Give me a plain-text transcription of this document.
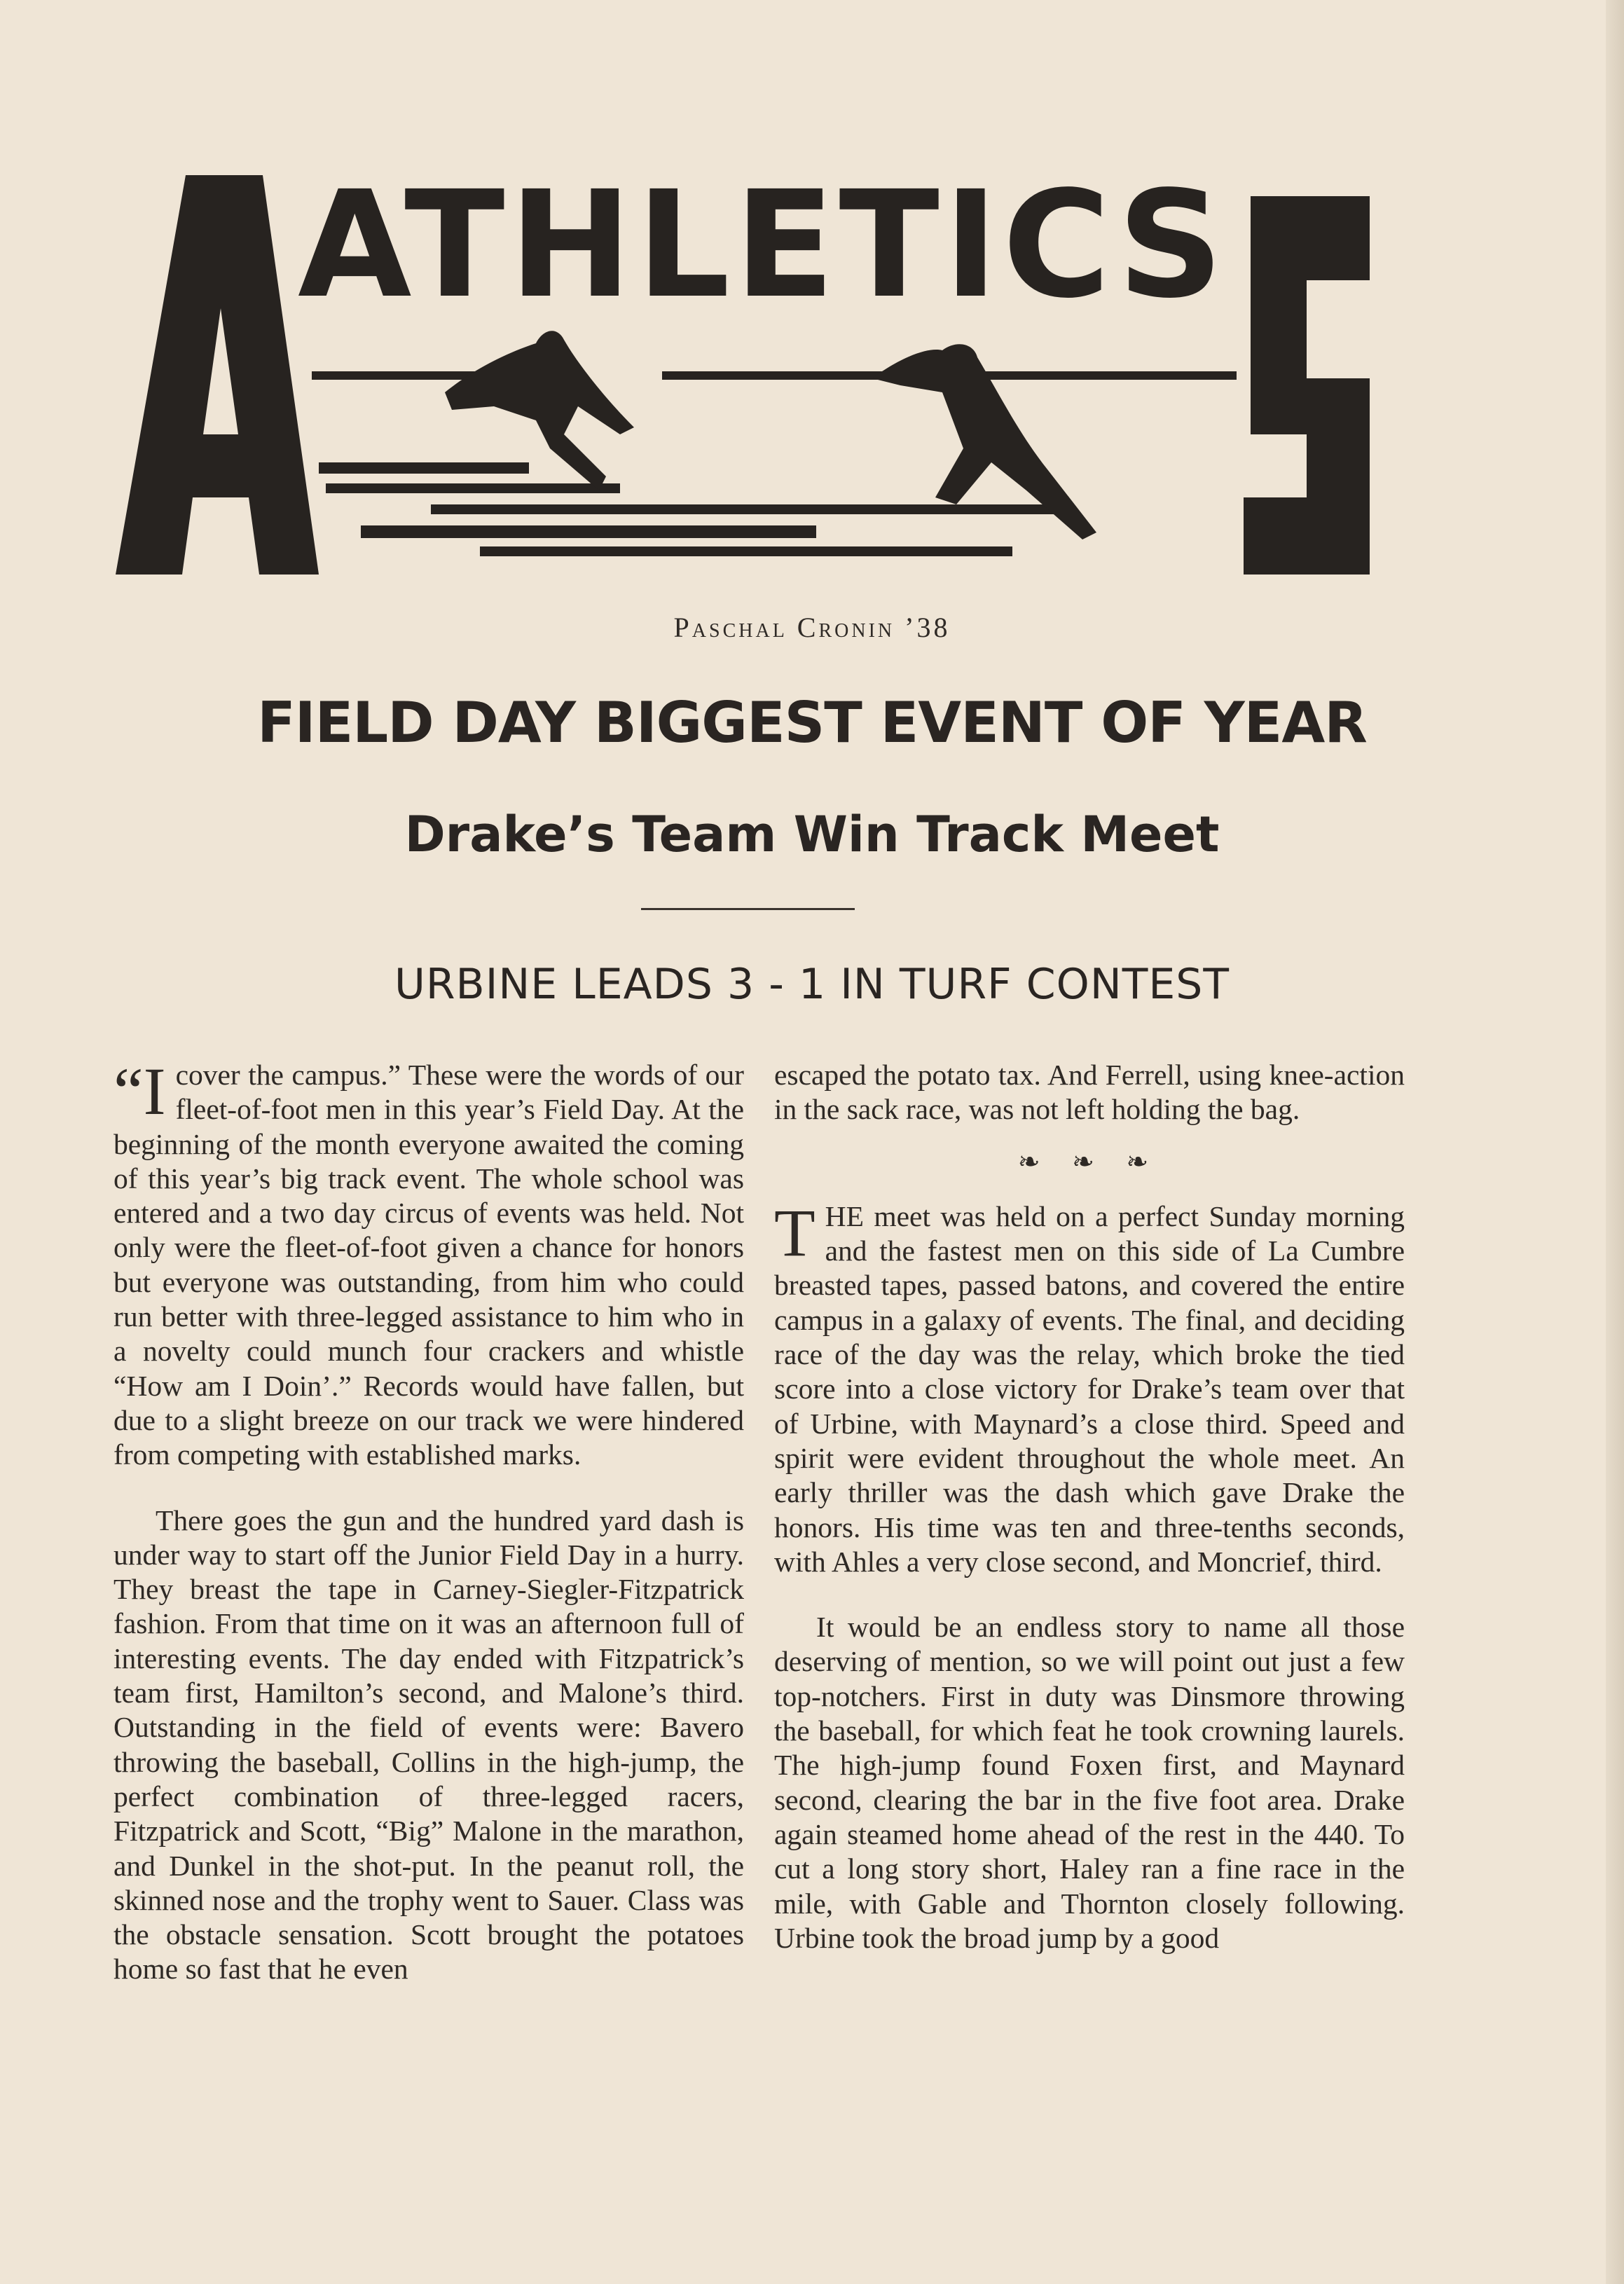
ATHLETICS
Paschal Cronin ’38
FIELD DAY BIGGEST EVENT OF YEAR
Drake’s Team Win Track Meet
URBINE LEADS 3 - 1 IN TURF CONTEST

“I cover the campus.” These were the words of our fleet-of-foot men in this year’s Field Day. At the beginning of the month everyone awaited the coming of this year’s big track event. The whole school was entered and a two day circus of events was held. Not only were the fleet-of-foot given a chance for honors but everyone was outstanding, from him who could run better with three-legged assistance to him who in a novelty could munch four crackers and whistle “How am I Doin’.” Records would have fallen, but due to a slight breeze on our track we were hindered from competing with established marks.

There goes the gun and the hundred yard dash is under way to start off the Junior Field Day in a hurry. They breast the tape in Carney-Siegler-Fitzpatrick fashion. From that time on it was an afternoon full of interesting events. The day ended with Fitzpatrick’s team first, Hamilton’s second, and Malone’s third. Outstanding in the field of events were: Bavero throwing the baseball, Collins in the high-jump, the perfect combination of three-legged racers, Fitzpatrick and Scott, “Big” Malone in the marathon, and Dunkel in the shot-put. In the peanut roll, the skinned nose and the trophy went to Sauer. Class was the obstacle sensation. Scott brought the potatoes home so fast that he even

escaped the potato tax. And Ferrell, using knee-action in the sack race, was not left holding the bag.

❧ ❧ ❧

THE meet was held on a perfect Sunday morning and the fastest men on this side of La Cumbre breasted tapes, passed batons, and covered the entire campus in a galaxy of events. The final, and deciding race of the day was the relay, which broke the tied score into a close victory for Drake’s team over that of Urbine, with Maynard’s a close third. Speed and spirit were evident throughout the whole meet. An early thriller was the dash which gave Drake the honors. His time was ten and three-tenths seconds, with Ahles a very close second, and Moncrief, third.

It would be an endless story to name all those deserving of mention, so we will point out just a few top-notchers. First in duty was Dinsmore throwing the baseball, for which feat he took crowning laurels. The high-jump found Foxen first, and Maynard second, clearing the bar in the five foot area. Drake again steamed home ahead of the rest in the 440. To cut a long story short, Haley ran a fine race in the mile, with Gable and Thornton closely following. Urbine took the broad jump by a good
